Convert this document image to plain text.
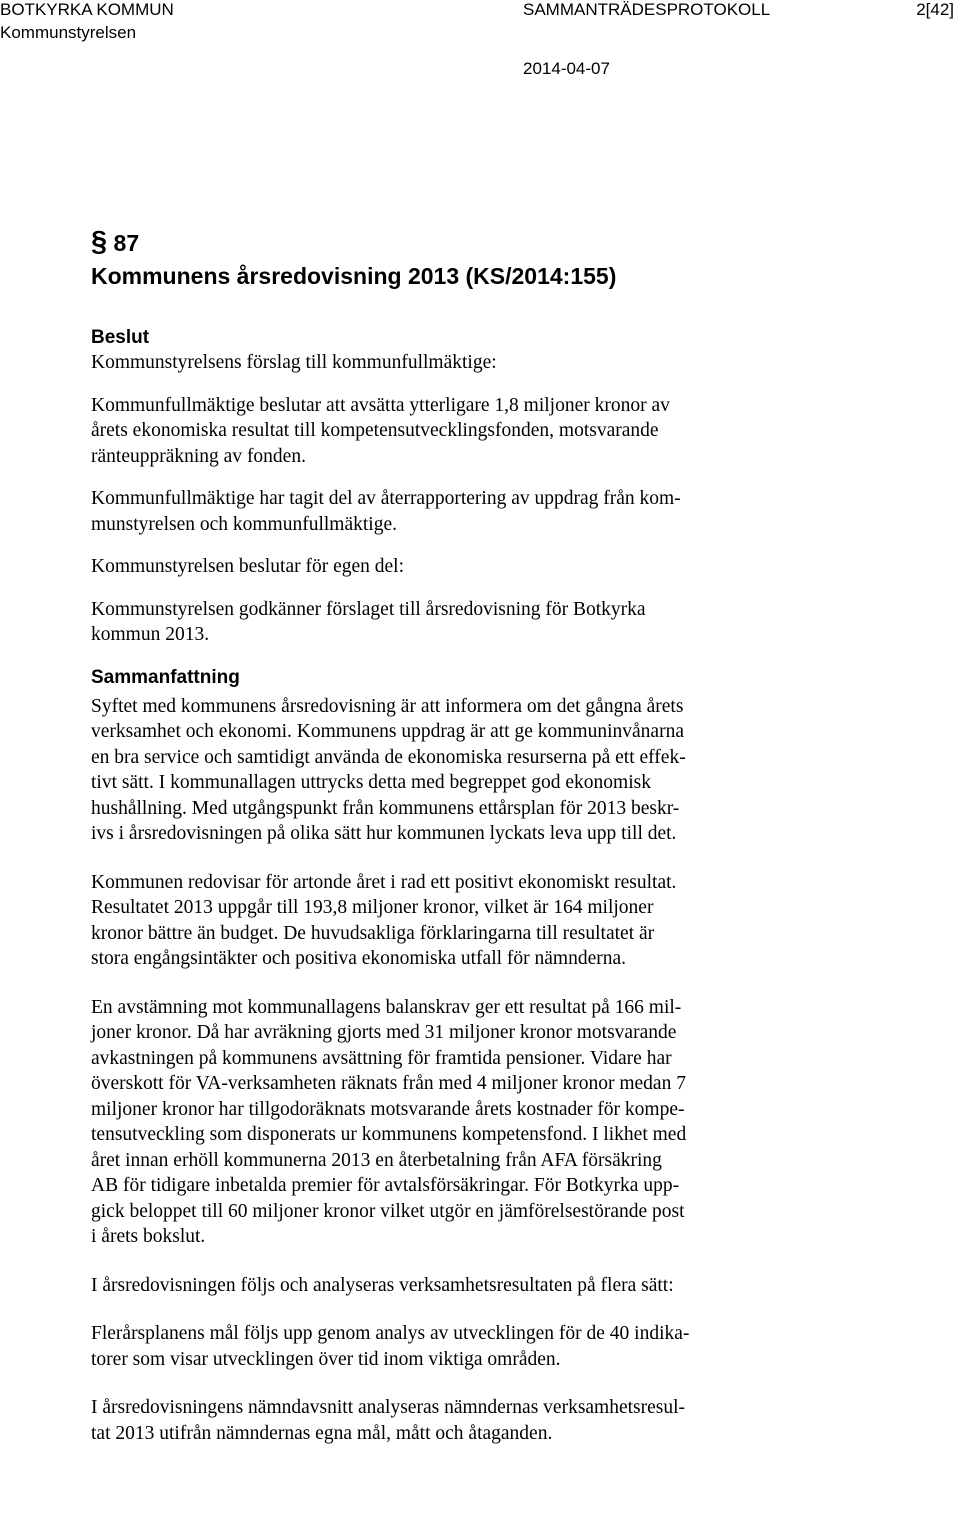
BOTKYRKA KOMMUN	SAMMANTRÄDESPROTOKOLL	2[42]
Kommunstyrelsen
2014-04-07
§ 87
Kommunens årsredovisning 2013 (KS/2014:155)
Beslut
Kommunstyrelsens förslag till kommunfullmäktige:
Kommunfullmäktige beslutar att avsätta ytterligare 1,8 miljoner kronor av
årets ekonomiska resultat till kompetensutvecklingsfonden, motsvarande
ränteuppräkning av fonden.
Kommunfullmäktige har tagit del av återrapportering av uppdrag från kom-
munstyrelsen och kommunfullmäktige.
Kommunstyrelsen beslutar för egen del:
Kommunstyrelsen godkänner förslaget till årsredovisning för Botkyrka
kommun 2013.
Sammanfattning
Syftet med kommunens årsredovisning är att informera om det gångna årets
verksamhet och ekonomi. Kommunens uppdrag är att ge kommuninvånarna
en bra service och samtidigt använda de ekonomiska resurserna på ett effek-
tivt sätt. I kommunallagen uttrycks detta med begreppet god ekonomisk
hushållning. Med utgångspunkt från kommunens ettårsplan för 2013 beskr-
ivs i årsredovisningen på olika sätt hur kommunen lyckats leva upp till det.
Kommunen redovisar för artonde året i rad ett positivt ekonomiskt resultat.
Resultatet 2013 uppgår till 193,8 miljoner kronor, vilket är 164 miljoner
kronor bättre än budget. De huvudsakliga förklaringarna till resultatet är
stora engångsintäkter och positiva ekonomiska utfall för nämnderna.
En avstämning mot kommunallagens balanskrav ger ett resultat på 166 mil-
joner kronor. Då har avräkning gjorts med 31 miljoner kronor motsvarande
avkastningen på kommunens avsättning för framtida pensioner. Vidare har
överskott för VA-verksamheten räknats från med 4 miljoner kronor medan 7
miljoner kronor har tillgodoräknats motsvarande årets kostnader för kompe-
tensutveckling som disponerats ur kommunens kompetensfond. I likhet med
året innan erhöll kommunerna 2013 en återbetalning från AFA försäkring
AB för tidigare inbetalda premier för avtalsförsäkringar. För Botkyrka upp-
gick beloppet till 60 miljoner kronor vilket utgör en jämförelsestörande post
i årets bokslut.
I årsredovisningen följs och analyseras verksamhetsresultaten på flera sätt:
Flerårsplanens mål följs upp genom analys av utvecklingen för de 40 indika-
torer som visar utvecklingen över tid inom viktiga områden.
I årsredovisningens nämndavsnitt analyseras nämndernas verksamhetsresul-
tat 2013 utifrån nämndernas egna mål, mått och åtaganden.
